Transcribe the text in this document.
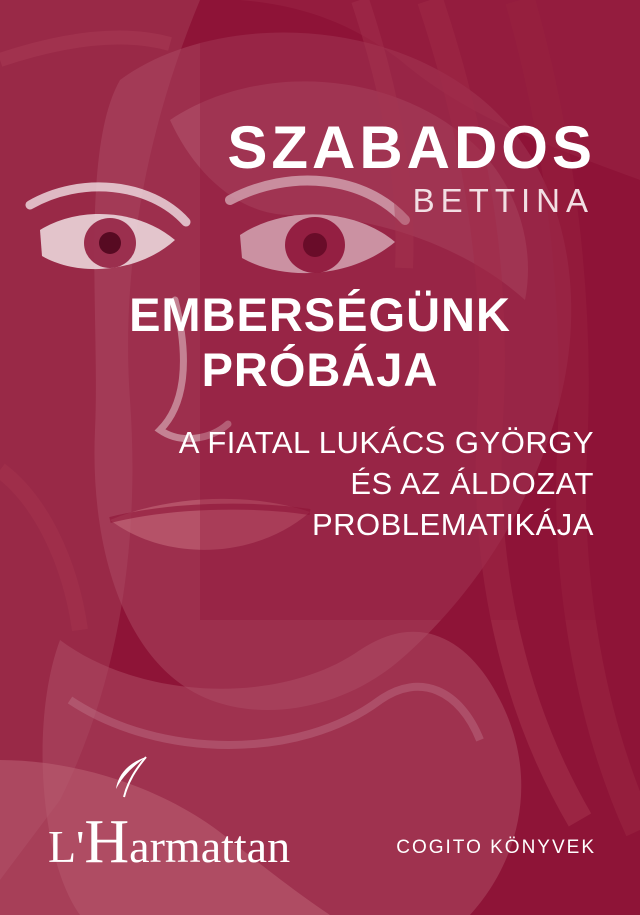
SZABADOS
BETTINA
EMBERSÉGÜNK
PRÓBÁJA
A FIATAL LUKÁCS GYÖRGY
ÉS AZ ÁLDOZAT
PROBLEMATIKÁJA
COGITO KÖNYVEK
L'Harmattan
